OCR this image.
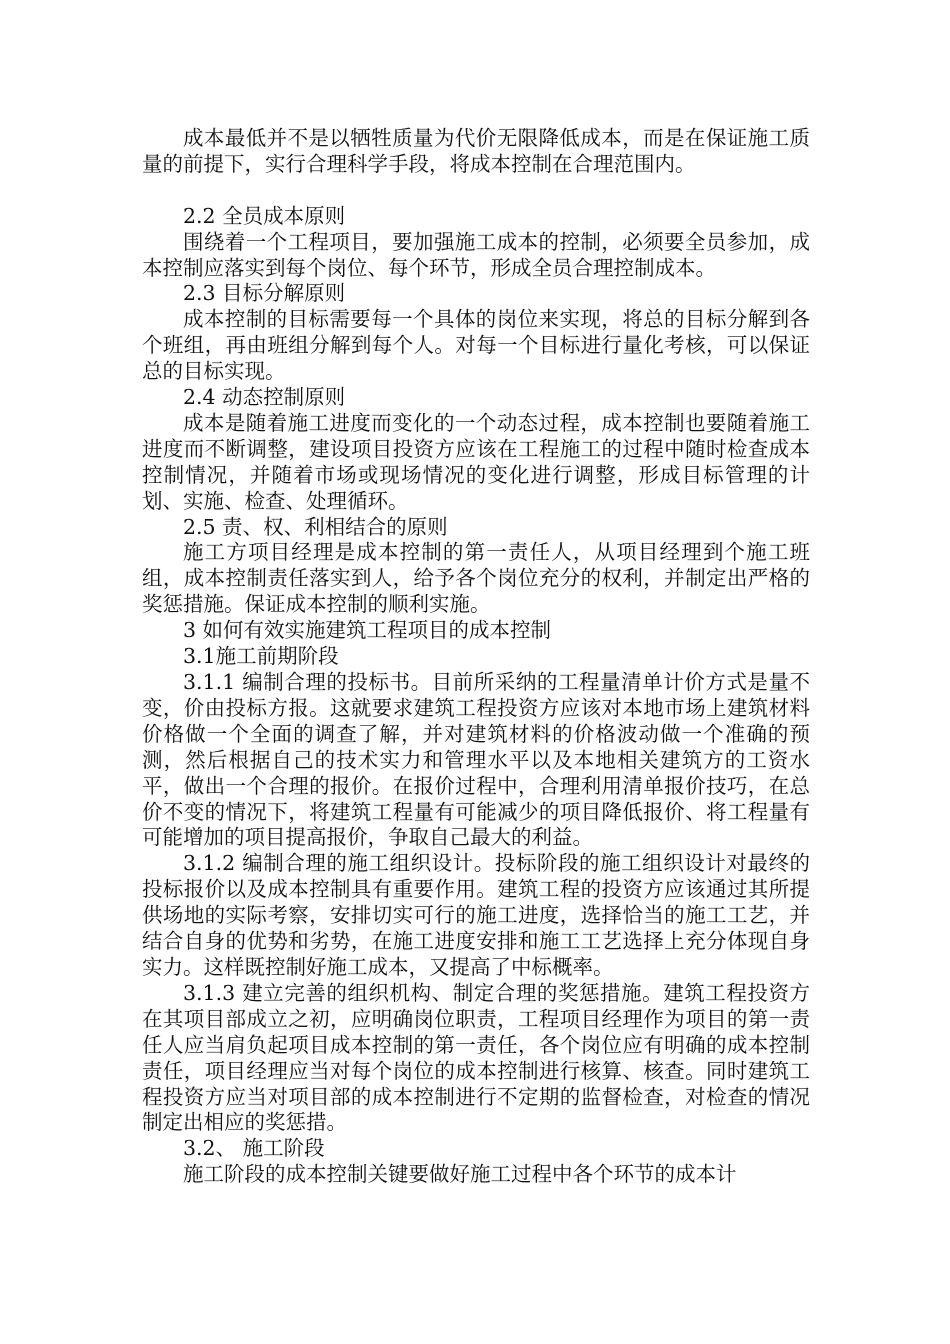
成本最低并不是以牺牲质量为代价无限降低成本，而是在保证施工质量的前提下，实行合理科学手段，将成本控制在合理范围内。

2.2 全员成本原则

围绕着一个工程项目，要加强施工成本的控制，必须要全员参加，成本控制应落实到每个岗位、每个环节，形成全员合理控制成本。

2.3 目标分解原则

成本控制的目标需要每一个具体的岗位来实现，将总的目标分解到各个班组，再由班组分解到每个人。对每一个目标进行量化考核，可以保证总的目标实现。

2.4 动态控制原则

成本是随着施工进度而变化的一个动态过程，成本控制也要随着施工进度而不断调整，建设项目投资方应该在工程施工的过程中随时检查成本控制情况，并随着市场或现场情况的变化进行调整，形成目标管理的计划、实施、检查、处理循环。

2.5 责、权、利相结合的原则

施工方项目经理是成本控制的第一责任人，从项目经理到个施工班组，成本控制责任落实到人，给予各个岗位充分的权利，并制定出严格的奖惩措施。保证成本控制的顺利实施。

3 如何有效实施建筑工程项目的成本控制

3.1施工前期阶段

3.1.1 编制合理的投标书。目前所采纳的工程量清单计价方式是量不变，价由投标方报。这就要求建筑工程投资方应该对本地市场上建筑材料价格做一个全面的调查了解，并对建筑材料的价格波动做一个准确的预测，然后根据自己的技术实力和管理水平以及本地相关建筑方的工资水平，做出一个合理的报价。在报价过程中，合理利用清单报价技巧，在总价不变的情况下，将建筑工程量有可能减少的项目降低报价、将工程量有可能增加的项目提高报价，争取自己最大的利益。

3.1.2 编制合理的施工组织设计。投标阶段的施工组织设计对最终的投标报价以及成本控制具有重要作用。建筑工程的投资方应该通过其所提供场地的实际考察，安排切实可行的施工进度，选择恰当的施工工艺，并结合自身的优势和劣势，在施工进度安排和施工工艺选择上充分体现自身实力。这样既控制好施工成本，又提高了中标概率。

3.1.3 建立完善的组织机构、制定合理的奖惩措施。建筑工程投资方在其项目部成立之初，应明确岗位职责，工程项目经理作为项目的第一责任人应当肩负起项目成本控制的第一责任，各个岗位应有明确的成本控制责任，项目经理应当对每个岗位的成本控制进行核算、核查。同时建筑工程投资方应当对项目部的成本控制进行不定期的监督检查，对检查的情况制定出相应的奖惩措。

3.2、 施工阶段

施工阶段的成本控制关键要做好施工过程中各个环节的成本计
